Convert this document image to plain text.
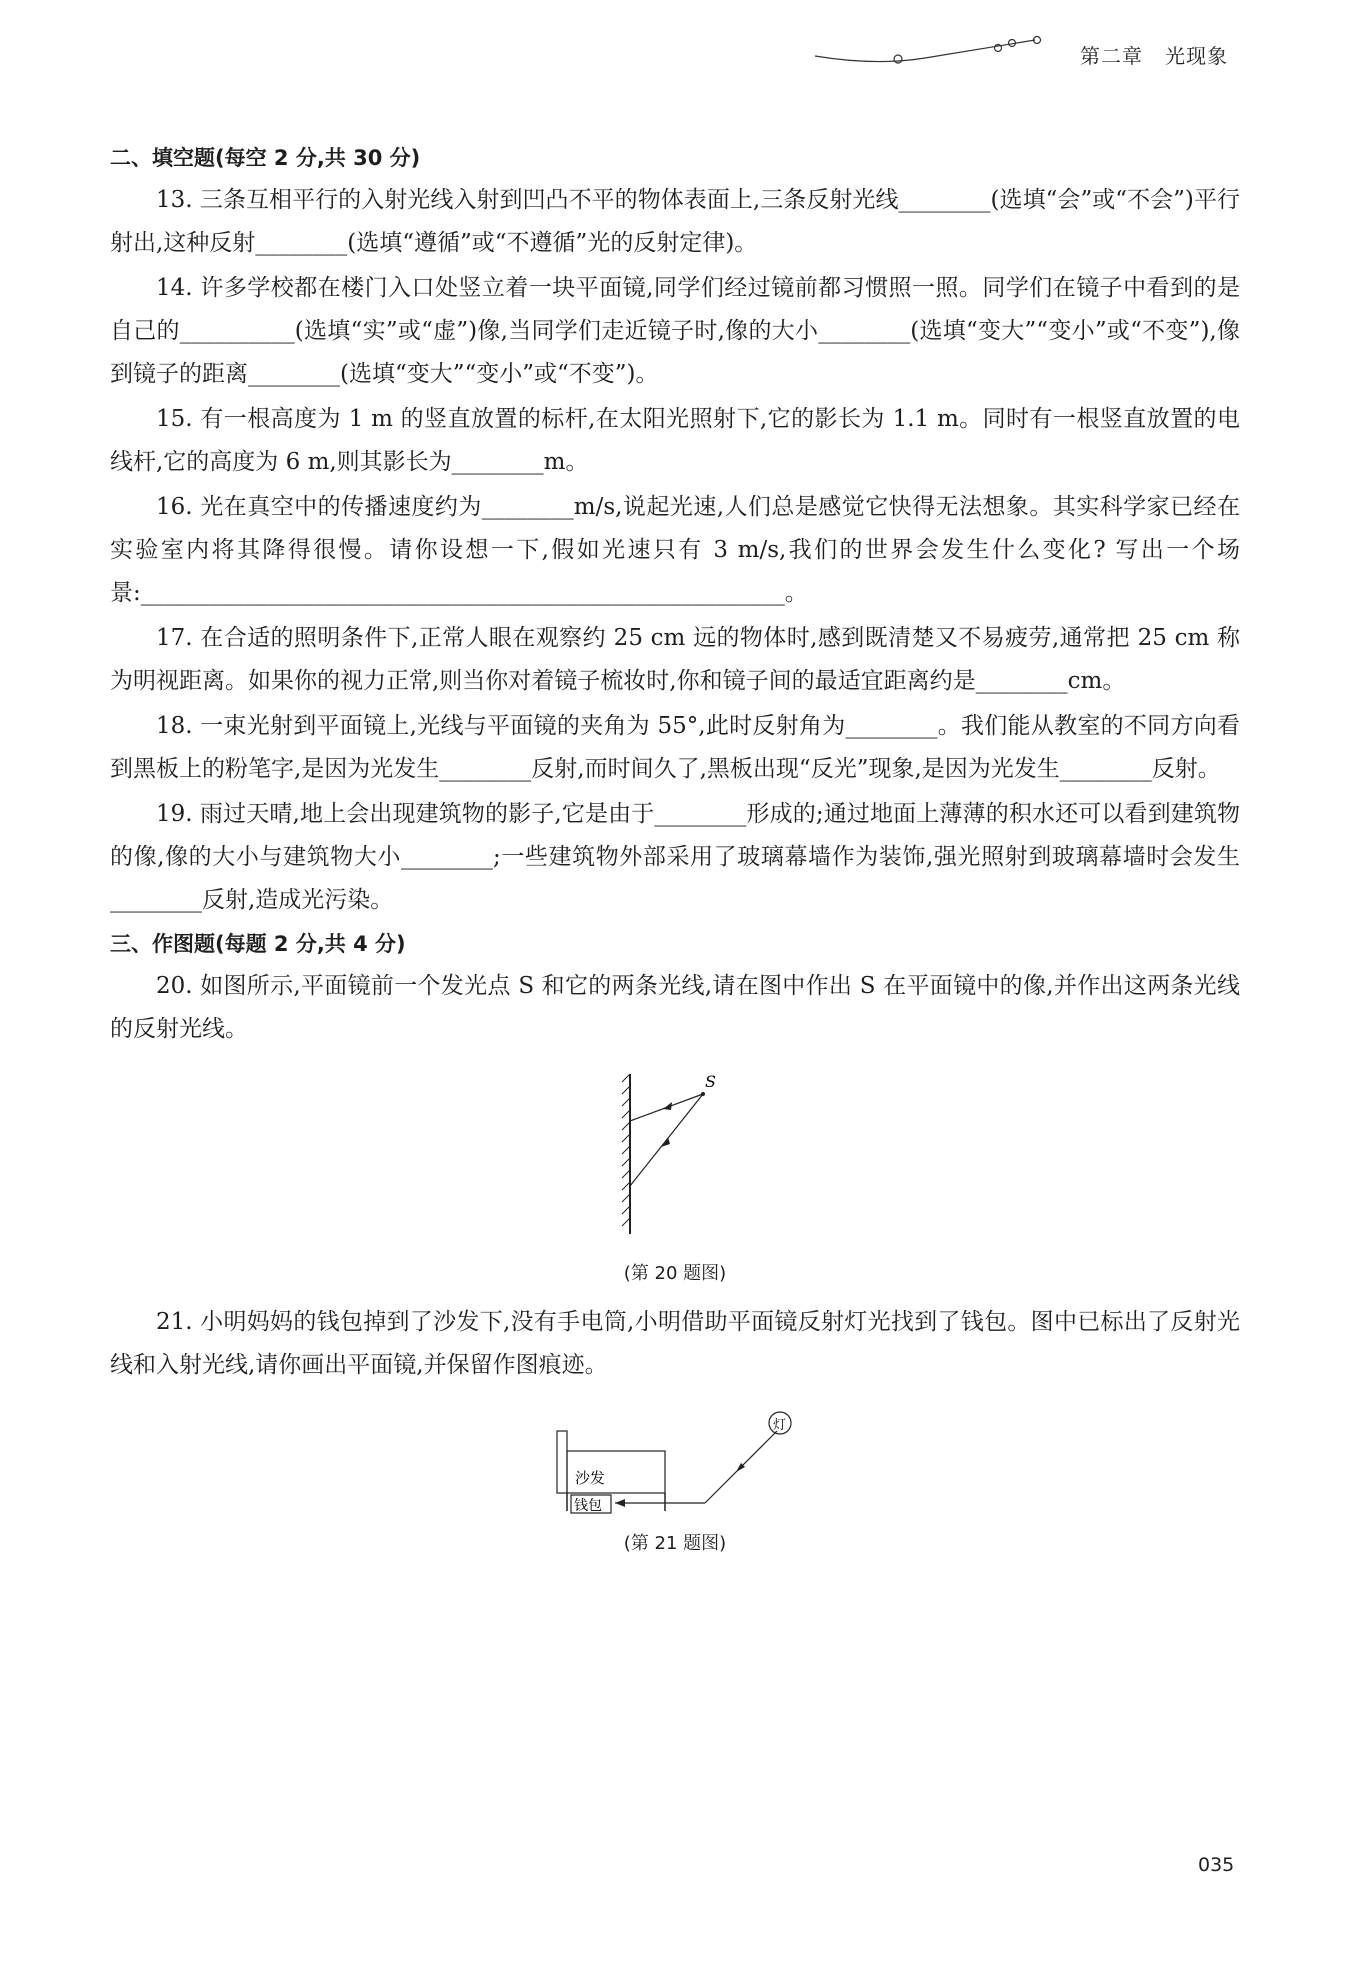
第二章   光现象

二、填空题(每空 2 分,共 30 分)

13. 三条互相平行的入射光线入射到凹凸不平的物体表面上,三条反射光线________(选填“会”或“不会”)平行射出,这种反射________(选填“遵循”或“不遵循”光的反射定律)。

14. 许多学校都在楼门入口处竖立着一块平面镜,同学们经过镜前都习惯照一照。同学们在镜子中看到的是自己的__________(选填“实”或“虚”)像,当同学们走近镜子时,像的大小________(选填“变大”“变小”或“不变”),像到镜子的距离________(选填“变大”“变小”或“不变”)。

15. 有一根高度为 1 m 的竖直放置的标杆,在太阳光照射下,它的影长为 1.1 m。同时有一根竖直放置的电线杆,它的高度为 6 m,则其影长为________m。

16. 光在真空中的传播速度约为________m/s,说起光速,人们总是感觉它快得无法想象。其实科学家已经在实验室内将其降得很慢。请你设想一下,假如光速只有 3 m/s,我们的世界会发生什么变化? 写出一个场景:________________________________________________________。

17. 在合适的照明条件下,正常人眼在观察约 25 cm 远的物体时,感到既清楚又不易疲劳,通常把 25 cm 称为明视距离。如果你的视力正常,则当你对着镜子梳妆时,你和镜子间的最适宜距离约是________cm。

18. 一束光射到平面镜上,光线与平面镜的夹角为 55°,此时反射角为________。我们能从教室的不同方向看到黑板上的粉笔字,是因为光发生________反射,而时间久了,黑板出现“反光”现象,是因为光发生________反射。

19. 雨过天晴,地上会出现建筑物的影子,它是由于________形成的;通过地面上薄薄的积水还可以看到建筑物的像,像的大小与建筑物大小________;一些建筑物外部采用了玻璃幕墙作为装饰,强光照射到玻璃幕墙时会发生________反射,造成光污染。

三、作图题(每题 2 分,共 4 分)

20. 如图所示,平面镜前一个发光点 S 和它的两条光线,请在图中作出 S 在平面镜中的像,并作出这两条光线的反射光线。

S
(第 20 题图)

21. 小明妈妈的钱包掉到了沙发下,没有手电筒,小明借助平面镜反射灯光找到了钱包。图中已标出了反射光线和入射光线,请你画出平面镜,并保留作图痕迹。

沙发
钱包
灯
(第 21 题图)
035
